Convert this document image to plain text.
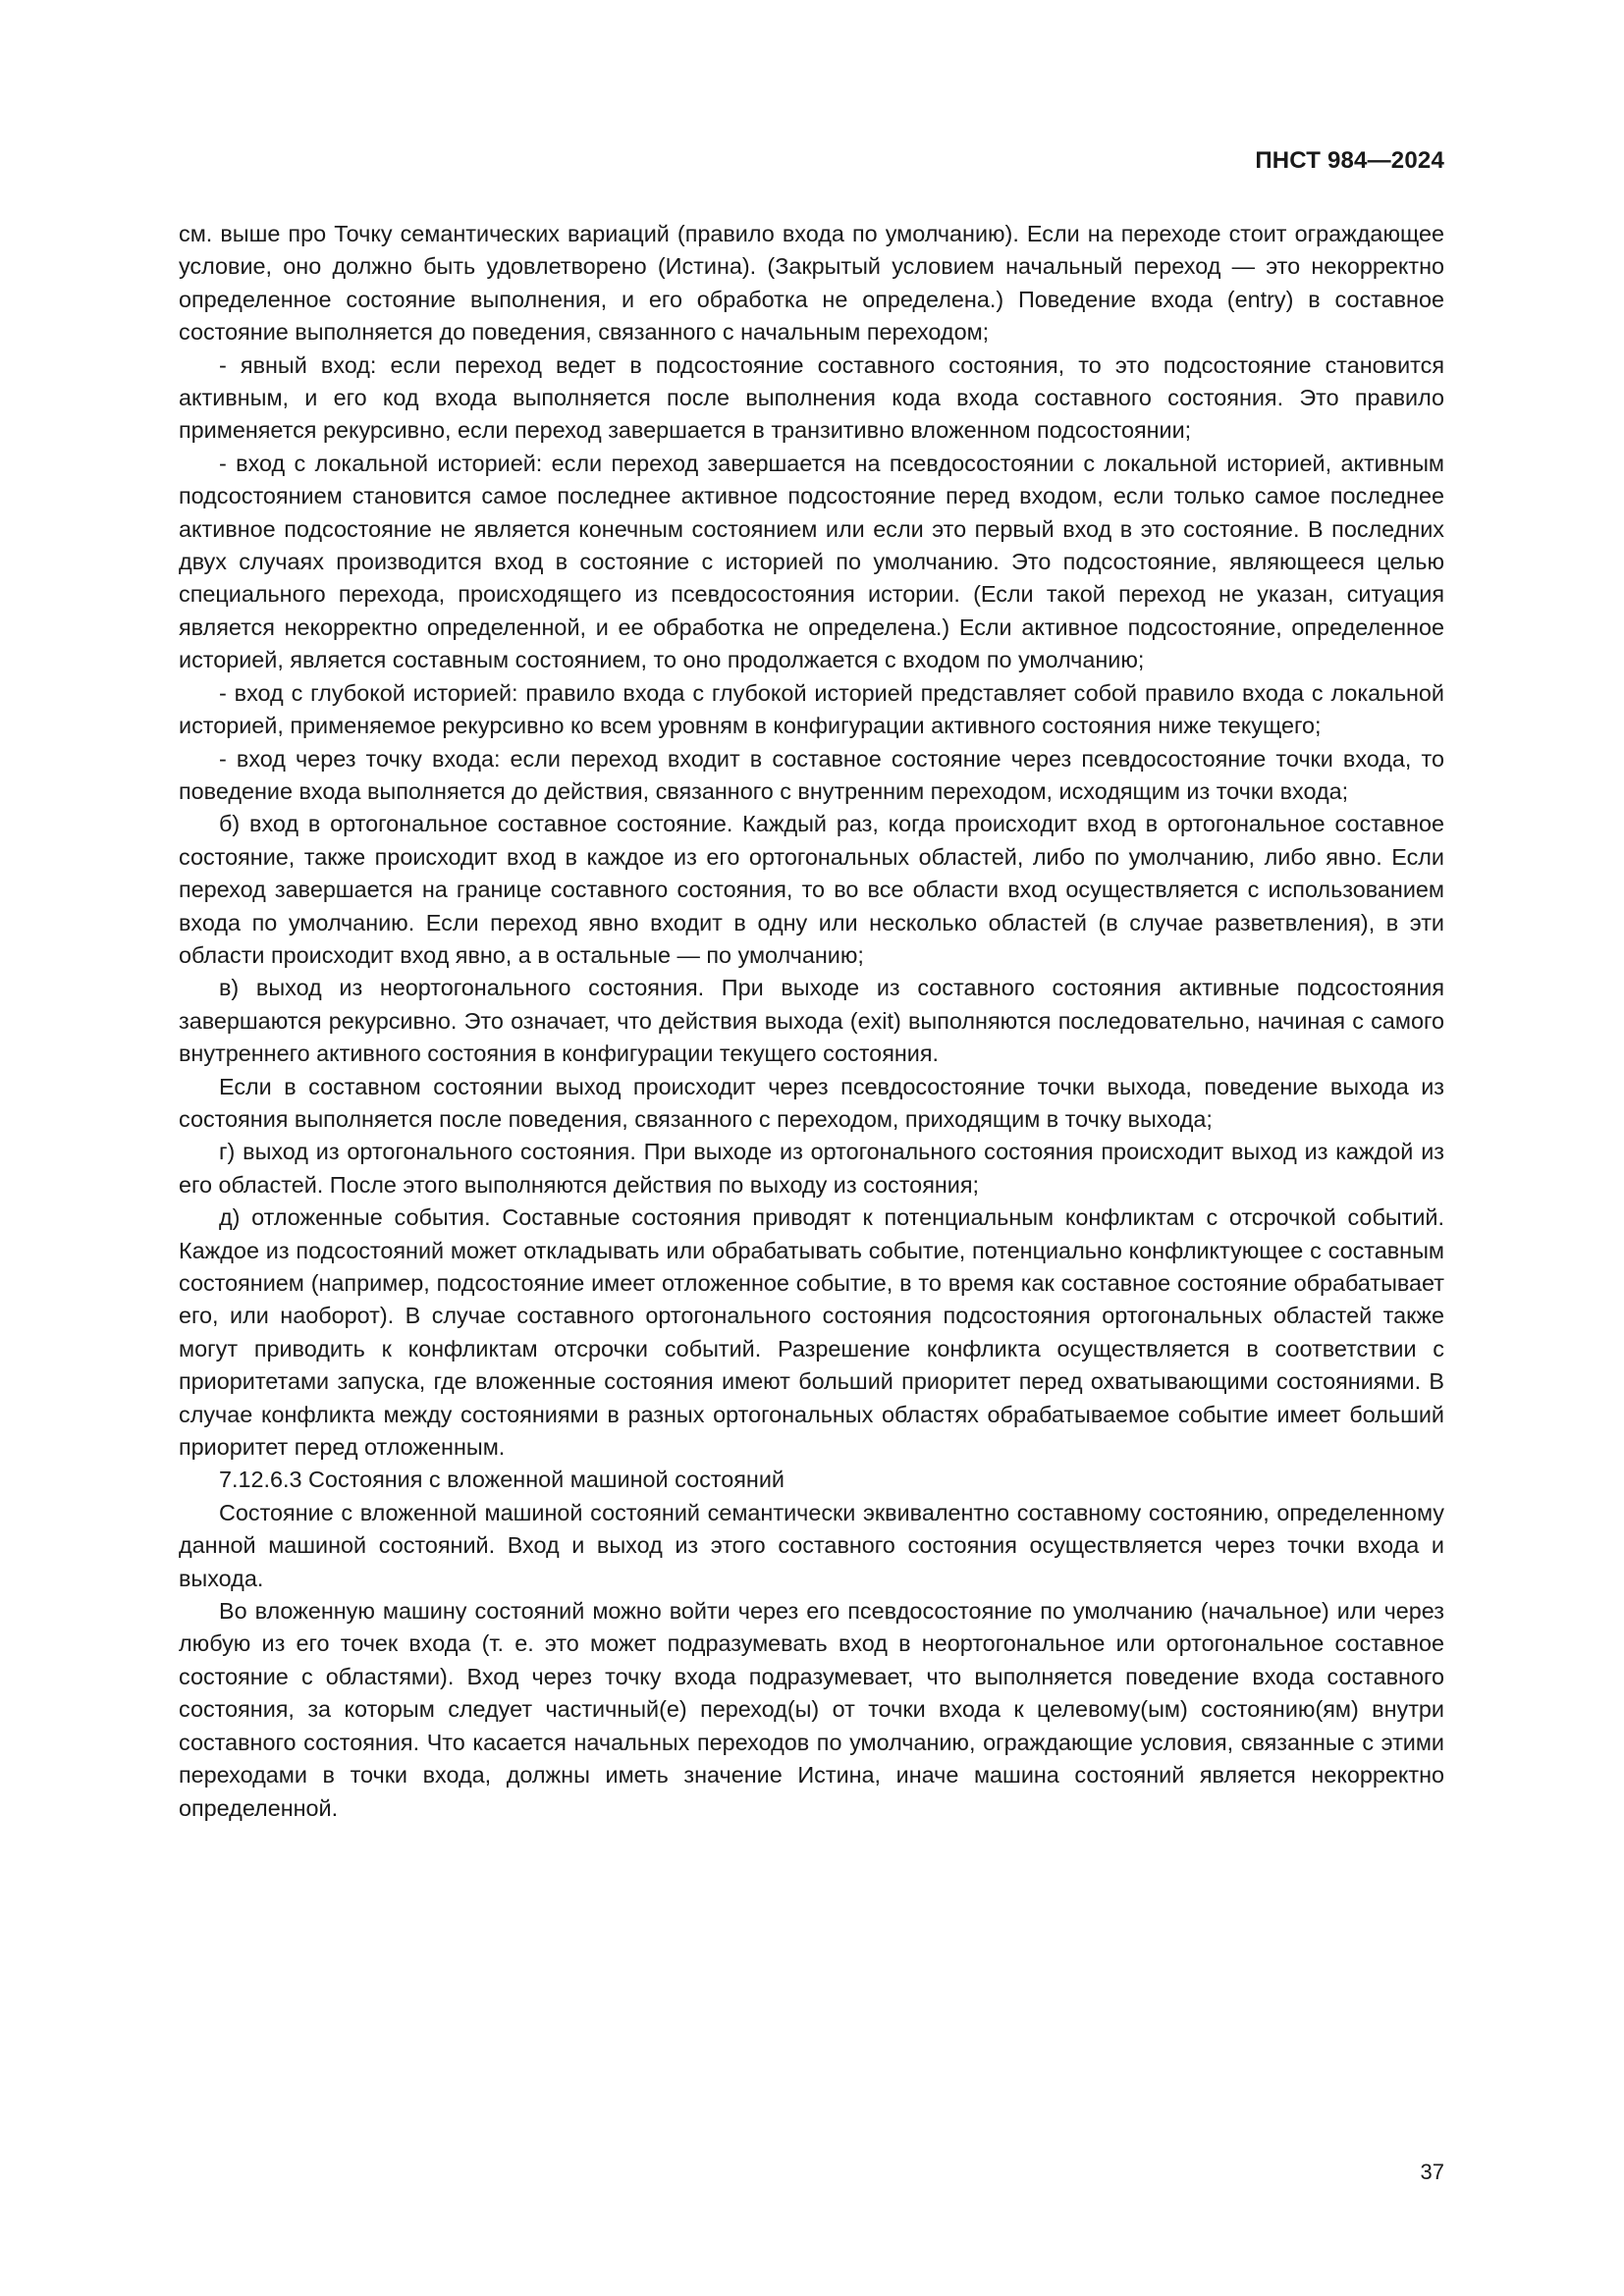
ПНСТ 984—2024

см. выше про Точку семантических вариаций (правило входа по умолчанию). Если на переходе стоит ограждающее условие, оно должно быть удовлетворено (Истина). (Закрытый условием начальный переход — это некорректно определенное состояние выполнения, и его обработка не определена.) Поведение входа (entry) в составное состояние выполняется до поведения, связанного с начальным переходом;

- явный вход: если переход ведет в подсостояние составного состояния, то это подсостояние становится активным, и его код входа выполняется после выполнения кода входа составного состояния. Это правило применяется рекурсивно, если переход завершается в транзитивно вложенном подсостоянии;

- вход с локальной историей: если переход завершается на псевдосостоянии с локальной историей, активным подсостоянием становится самое последнее активное подсостояние перед входом, если только самое последнее активное подсостояние не является конечным состоянием или если это первый вход в это состояние. В последних двух случаях производится вход в состояние с историей по умолчанию. Это подсостояние, являющееся целью специального перехода, происходящего из псевдосостояния истории. (Если такой переход не указан, ситуация является некорректно определенной, и ее обработка не определена.) Если активное подсостояние, определенное историей, является составным состоянием, то оно продолжается с входом по умолчанию;

- вход с глубокой историей: правило входа с глубокой историей представляет собой правило входа с локальной историей, применяемое рекурсивно ко всем уровням в конфигурации активного состояния ниже текущего;

- вход через точку входа: если переход входит в составное состояние через псевдосостояние точки входа, то поведение входа выполняется до действия, связанного с внутренним переходом, исходящим из точки входа;

б) вход в ортогональное составное состояние. Каждый раз, когда происходит вход в ортогональное составное состояние, также происходит вход в каждое из его ортогональных областей, либо по умолчанию, либо явно. Если переход завершается на границе составного состояния, то во все области вход осуществляется с использованием входа по умолчанию. Если переход явно входит в одну или несколько областей (в случае разветвления), в эти области происходит вход явно, а в остальные — по умолчанию;

в) выход из неортогонального состояния. При выходе из составного состояния активные подсостояния завершаются рекурсивно. Это означает, что действия выхода (exit) выполняются последовательно, начиная с самого внутреннего активного состояния в конфигурации текущего состояния.

Если в составном состоянии выход происходит через псевдосостояние точки выхода, поведение выхода из состояния выполняется после поведения, связанного с переходом, приходящим в точку выхода;

г) выход из ортогонального состояния. При выходе из ортогонального состояния происходит выход из каждой из его областей. После этого выполняются действия по выходу из состояния;

д) отложенные события. Составные состояния приводят к потенциальным конфликтам с отсрочкой событий. Каждое из подсостояний может откладывать или обрабатывать событие, потенциально конфликтующее с составным состоянием (например, подсостояние имеет отложенное событие, в то время как составное состояние обрабатывает его, или наоборот). В случае составного ортогонального состояния подсостояния ортогональных областей также могут приводить к конфликтам отсрочки событий. Разрешение конфликта осуществляется в соответствии с приоритетами запуска, где вложенные состояния имеют больший приоритет перед охватывающими состояниями. В случае конфликта между состояниями в разных ортогональных областях обрабатываемое событие имеет больший приоритет перед отложенным.

7.12.6.3 Состояния с вложенной машиной состояний

Состояние с вложенной машиной состояний семантически эквивалентно составному состоянию, определенному данной машиной состояний. Вход и выход из этого составного состояния осуществляется через точки входа и выхода.

Во вложенную машину состояний можно войти через его псевдосостояние по умолчанию (начальное) или через любую из его точек входа (т. е. это может подразумевать вход в неортогональное или ортогональное составное состояние с областями). Вход через точку входа подразумевает, что выполняется поведение входа составного состояния, за которым следует частичный(е) переход(ы) от точки входа к целевому(ым) состоянию(ям) внутри составного состояния. Что касается начальных переходов по умолчанию, ограждающие условия, связанные с этими переходами в точки входа, должны иметь значение Истина, иначе машина состояний является некорректно определенной.

37
